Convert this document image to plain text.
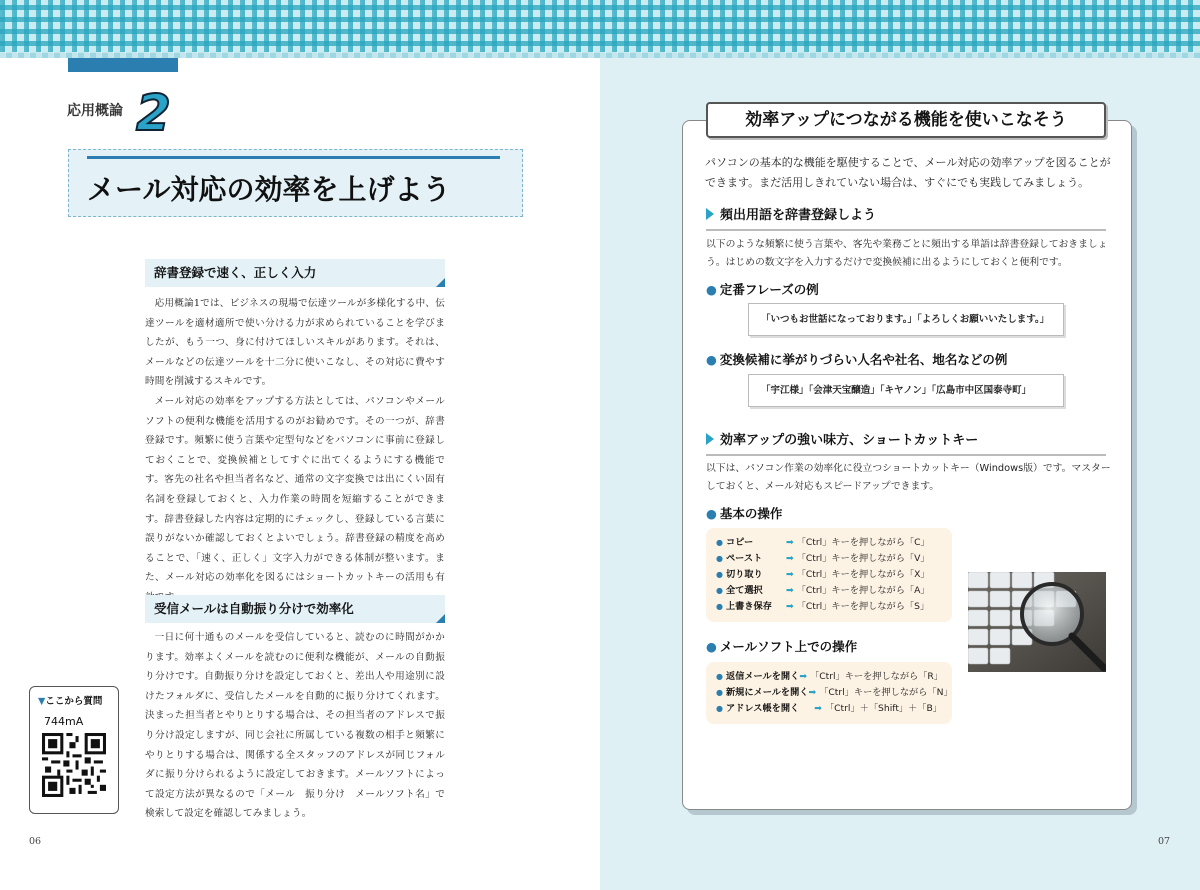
応用概論 2
メール対応の効率を上げよう
辞書登録で速く、正しく入力

応用概論1では、ビジネスの現場で伝達ツールが多様化する中、伝達ツールを適材適所で使い分ける力が求められていることを学びましたが、もう一つ、身に付けてほしいスキルがあります。それは、メールなどの伝達ツールを十二分に使いこなし、その対応に費やす時間を削減するスキルです。

メール対応の効率をアップする方法としては、パソコンやメールソフトの便利な機能を活用するのがお勧めです。その一つが、辞書登録です。頻繁に使う言葉や定型句などをパソコンに事前に登録しておくことで、変換候補としてすぐに出てくるようにする機能です。客先の社名や担当者名など、通常の文字変換では出にくい固有名詞を登録しておくと、入力作業の時間を短縮することができます。辞書登録した内容は定期的にチェックし、登録している言葉に誤りがないか確認しておくとよいでしょう。辞書登録の精度を高めることで、「速く、正しく」文字入力ができる体制が整います。また、メール対応の効率化を図るにはショートカットキーの活用も有

受信メールは自動振り分けで効率化

一日に何十通ものメールを受信していると、読むのに時間がかかります。効率よくメールを読むのに便利な機能が、メールの自動振り分けです。自動振り分けを設定しておくと、差出人や用途別に設けたフォルダに、受信したメールを自動的に振り分けてくれます。決まった担当者とやりとりする場合は、その担当者のアドレスで振り分け設定しますが、同じ会社に所属している複数の相手と頻繁にやりとりする場合は、関係する全スタッフのアドレスが同じフォルダに振り分けられるように設定しておきます。メールソフトによって設定方法が異なるので「メール　振り分け　メールソフト名」で検索して設定を確認してみましょう。

▼ここから質問
744mA
06
効率アップにつながる機能を使いこなそう
パソコンの基本的な機能を駆使することで、メール対応の効率アップを図ることができます。まだ活用しきれていない場合は、すぐにでも実践してみましょう。
頻出用語を辞書登録しよう
以下のような頻繁に使う言葉や、客先や業務ごとに頻出する単語は辞書登録しておきましょう。はじめの数文字を入力するだけで変換候補に出るようにしておくと便利です。
● 定番フレーズの例
「いつもお世話になっております。」「よろしくお願いいたします。」
● 変換候補に挙がりづらい人名や社名、地名などの例
「宇江様」「会津天宝醸造」「キヤノン」「広島市中区国泰寺町」
効率アップの強い味方、ショートカットキー
以下は、パソコン作業の効率化に役立つショートカットキー（Windows版）です。マスターしておくと、メール対応もスピードアップできます。
● 基本の操作
● コピー	➡ 「Ctrl」キーを押しながら「C」
● ペースト	➡ 「Ctrl」キーを押しながら「V」
● 切り取り	➡ 「Ctrl」キーを押しながら「X」
● 全て選択	➡ 「Ctrl」キーを押しながら「A」
● 上書き保存	➡ 「Ctrl」キーを押しながら「S」
● メールソフト上での操作
● 返信メールを開く ➡ 「Ctrl」キーを押しながら「R」
● 新規にメールを開く ➡ 「Ctrl」キーを押しながら「N」
● アドレス帳を開く	➡ 「Ctrl」＋「Shift」＋「B」
07
